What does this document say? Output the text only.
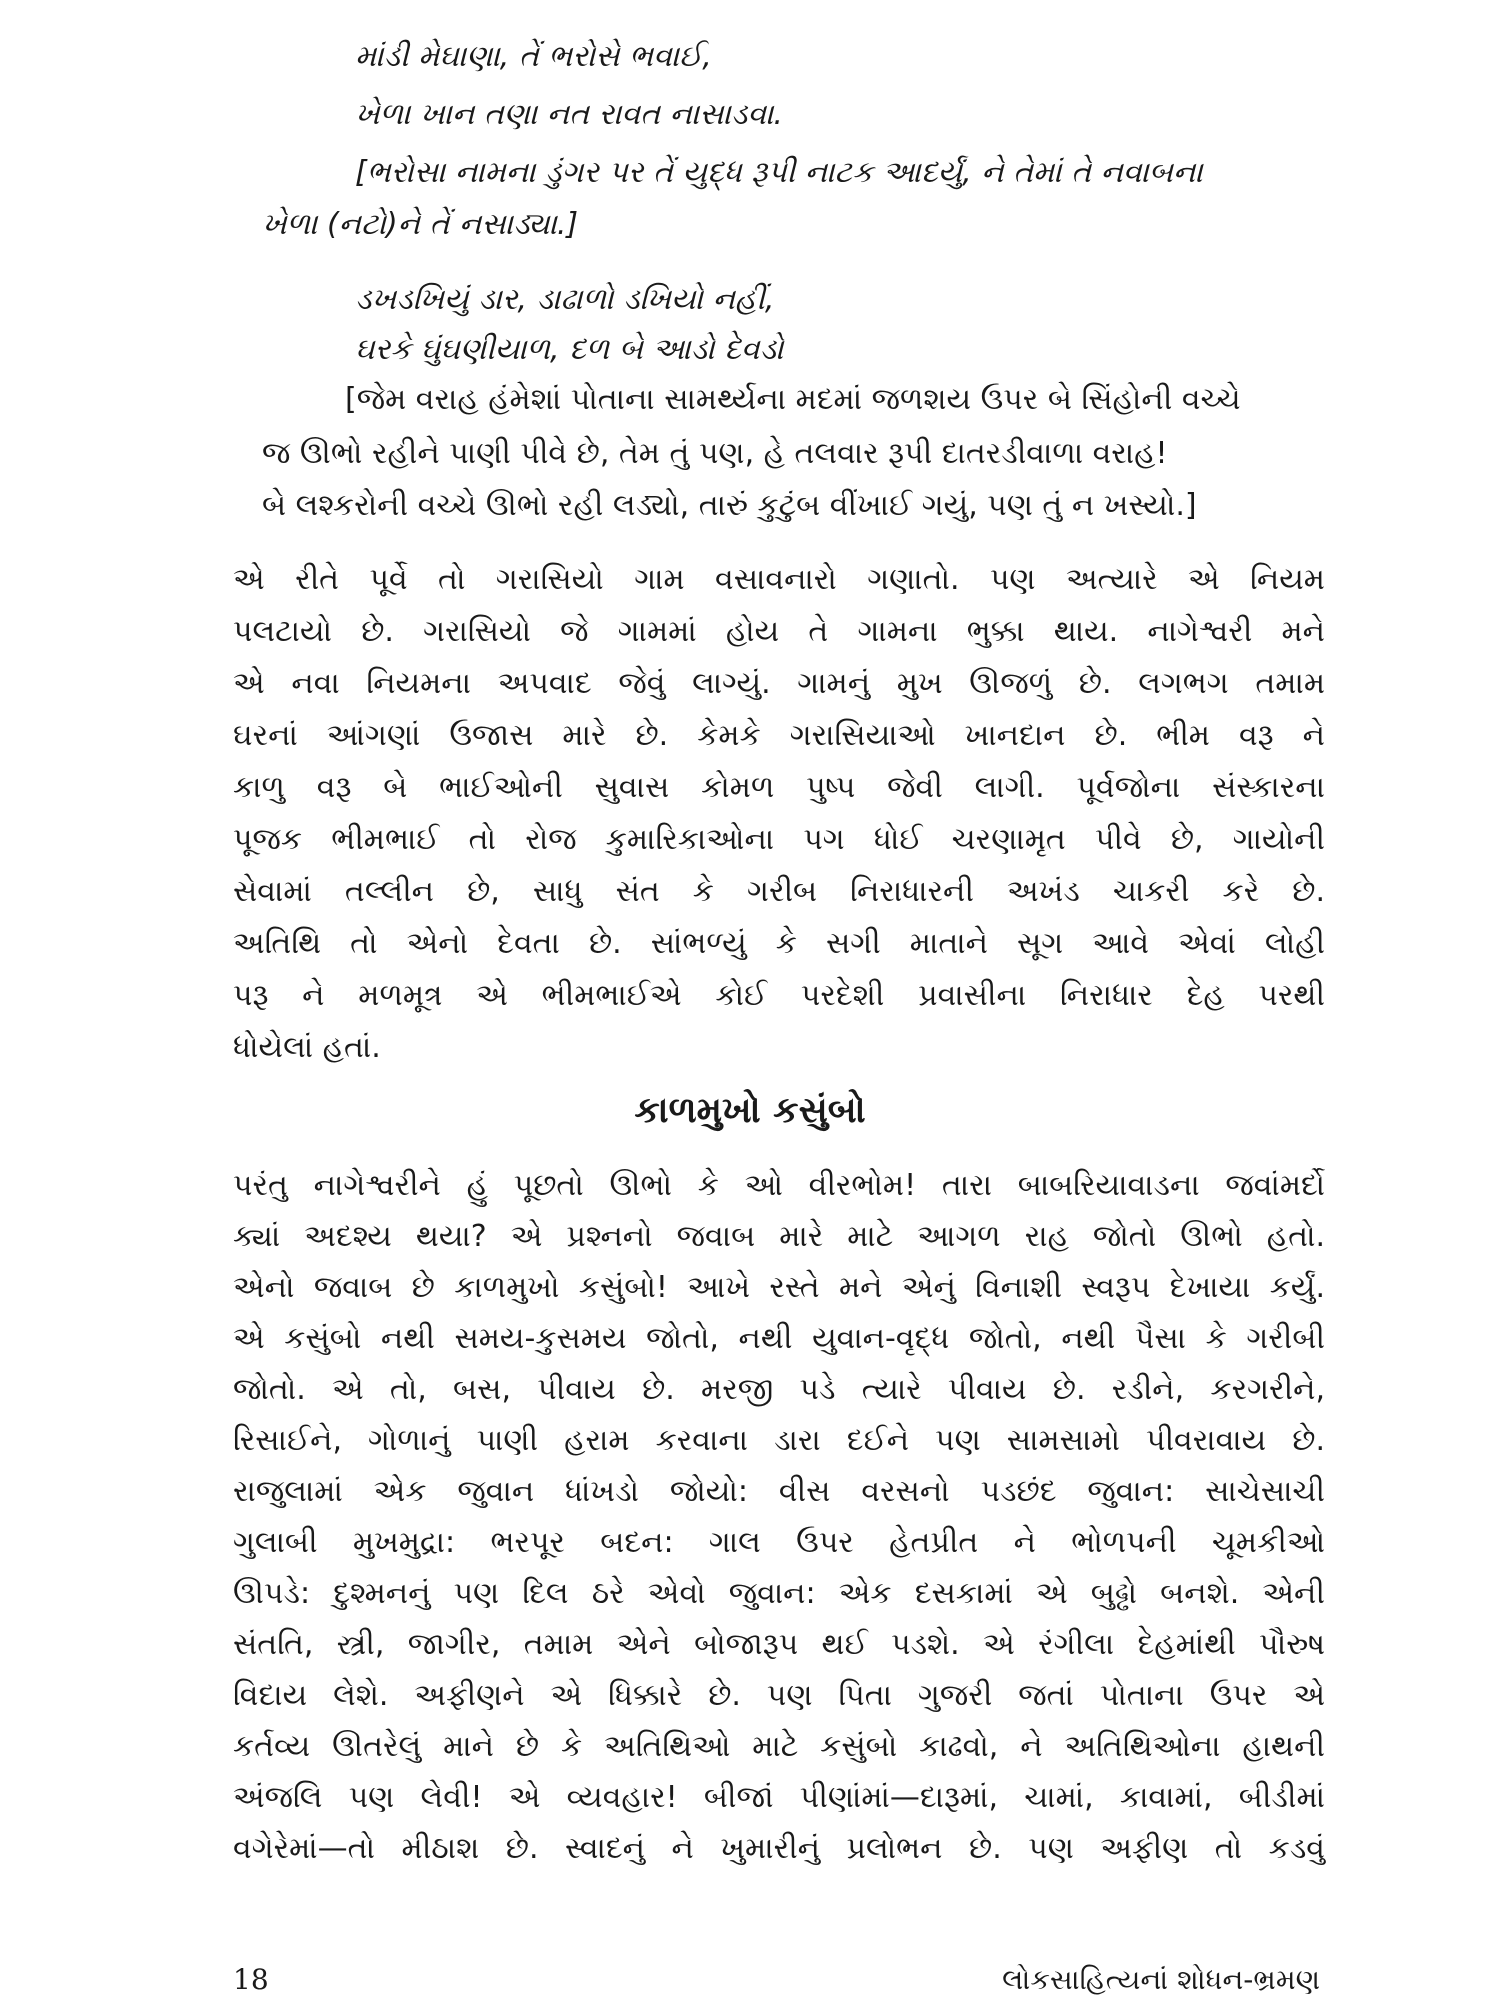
માંડી મેઘાણા, તેં ભરોસે ભવાઈ,

ખેળા ખાન તણા નત રાવત નાસાડવા.

[ભરોસા નામના ડુંગર પર તેં યુદ્ધ રૂપી નાટક આદર્યું, ને તેમાં તે નવાબના

ખેળા (નટો)ને તેં નસાડ્યા.]

ડખડખિયું ડાર, ડાઢાળો ડખિયો નહીં,

ઘરકે ઘુંઘણીયાળ, દળ બે આડો દેવડો

[જેમ વરાહ હંમેશાં પોતાના સામર્થ્યના મદમાં જળશય ઉપર બે સિંહોની વચ્ચે

જ ઊભો રહીને પાણી પીવે છે, તેમ તું પણ, હે તલવાર રૂપી દાતરડીવાળા વરાહ!

બે લશ્કરોની વચ્ચે ઊભો રહી લડ્યો, તારું કુટુંબ વીંખાઈ ગયું, પણ તું ન ખસ્યો.]

એ રીતે પૂર્વે તો ગરાસિયો ગામ વસાવનારો ગણાતો. પણ અત્યારે એ નિયમ

પલટાયો છે. ગરાસિયો જે ગામમાં હોય તે ગામના ભુક્કા થાય. નાગેશ્વરી મને

એ નવા નિયમના અપવાદ જેવું લાગ્યું. ગામનું મુખ ઊજળું છે. લગભગ તમામ

ઘરનાં આંગણાં ઉજાસ મારે છે. કેમકે ગરાસિયાઓ ખાનદાન છે. ભીમ વરૂ ને

કાળુ વરૂ બે ભાઈઓની સુવાસ કોમળ પુષ્પ જેવી લાગી. પૂર્વજોના સંસ્કારના

પૂજક ભીમભાઈ તો રોજ કુમારિકાઓના પગ ધોઈ ચરણામૃત પીવે છે, ગાયોની

સેવામાં તલ્લીન છે, સાધુ સંત કે ગરીબ નિરાધારની અખંડ ચાકરી કરે છે.

અતિથિ તો એનો દેવતા છે. સાંભળ્યું કે સગી માતાને સૂગ આવે એવાં લોહી

પરૂ ને મળમૂત્ર એ ભીમભાઈએ કોઈ પરદેશી પ્રવાસીના નિરાધાર દેહ પરથી

ધોયેલાં હતાં.

કાળમુખો કસુંબો

પરંતુ નાગેશ્વરીને હું પૂછતો ઊભો કે ઓ વીરભોમ! તારા બાબરિયાવાડના જવાંમર્દો

ક્યાં અદશ્ય થયા? એ પ્રશ્નનો જવાબ મારે માટે આગળ રાહ જોતો ઊભો હતો.

એનો જવાબ છે કાળમુખો કસુંબો! આખે રસ્તે મને એનું વિનાશી સ્વરૂપ દેખાયા કર્યું.

એ કસુંબો નથી સમય-કુસમય જોતો, નથી યુવાન-વૃદ્ધ જોતો, નથી પૈસા કે ગરીબી

જોતો. એ તો, બસ, પીવાય છે. મરજી પડે ત્યારે પીવાય છે. રડીને, કરગરીને,

રિસાઈને, ગોળાનું પાણી હરામ કરવાના ડારા દઈને પણ સામસામો પીવરાવાય છે.

રાજુલામાં એક જુવાન ધાંખડો જોયો: વીસ વરસનો પડછંદ જુવાન: સાચેસાચી

ગુલાબી મુખમુદ્રા: ભરપૂર બદન: ગાલ ઉપર હેતપ્રીત ને ભોળપની ચૂમકીઓ

ઊપડે: દુશ્મનનું પણ દિલ ઠરે એવો જુવાન: એક દસકામાં એ બુઢ્ઢો બનશે. એની

સંતતિ, સ્ત્રી, જાગીર, તમામ એને બોજારૂપ થઈ પડશે. એ રંગીલા દેહમાંથી પૌરુષ

વિદાય લેશે. અફીણને એ ધિક્કારે છે. પણ પિતા ગુજરી જતાં પોતાના ઉપર એ

કર્તવ્ય ઊતરેલું માને છે કે અતિથિઓ માટે કસુંબો કાઢવો, ને અતિથિઓના હાથની

અંજલિ પણ લેવી! એ વ્યવહાર! બીજાં પીણાંમાં—દારૂમાં, ચામાં, કાવામાં, બીડીમાં

વગેરેમાં—તો મીઠાશ છે. સ્વાદનું ને ખુમારીનું પ્રલોભન છે. પણ અફીણ તો કડવું

18	લોકસાહિત્યનાં શોધન-ભ્રમણ
